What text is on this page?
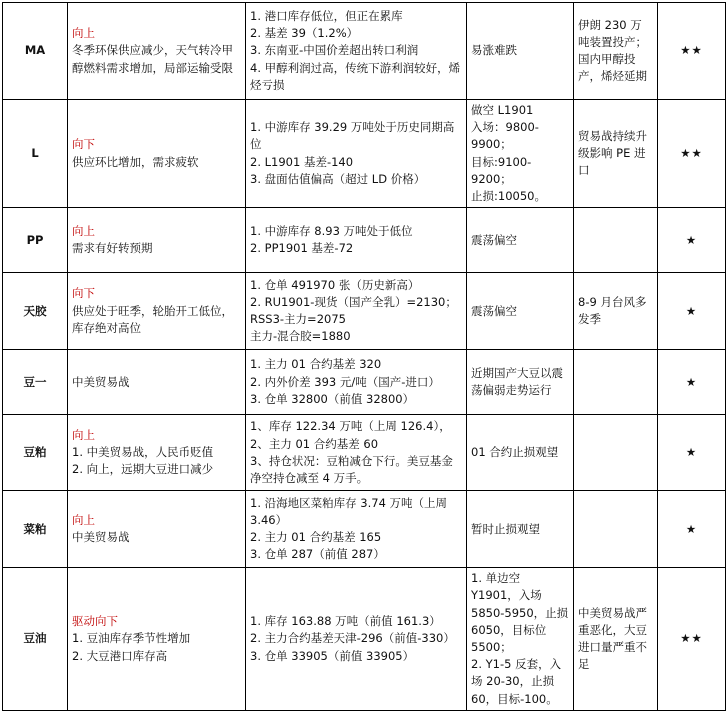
MA	向上
冬季环保供应减少，天气转冷甲醇燃料需求增加，局部运输受限	1. 港口库存低位，但正在累库
2. 基差 39（1.2%）
3. 东南亚-中国价差超出转口利润
4. 甲醇利润过高，传统下游利润较好，烯烃亏损	易涨难跌	伊朗 230 万吨装置投产；国内甲醇投产，烯烃延期	★★

L	向下
供应环比增加，需求疲软	1. 中游库存 39.29 万吨处于历史同期高位
2. L1901 基差-140
3. 盘面估值偏高（超过 LD 价格）	做空 L1901
入场：9800-9900；
目标:9100-9200；
止损:10050。	贸易战持续升级影响 PE 进口	★★

PP	向上
需求有好转预期	1. 中游库存 8.93 万吨处于低位
2. PP1901 基差-72	震荡偏空		★

天胶	向下
供应处于旺季，轮胎开工低位，库存绝对高位	1. 仓单 491970 张（历史新高）
2. RU1901-现货（国产全乳）=2130；
RSS3-主力=2075
主力-混合胶=1880	震荡偏空	8-9 月台风多发季	★

豆一	中美贸易战	1. 主力 01 合约基差 320
2. 内外价差 393 元/吨（国产-进口）
3. 仓单 32800（前值 32800）	近期国产大豆以震荡偏弱走势运行		★

豆粕	向上
1. 中美贸易战，人民币贬值
2. 向上，远期大豆进口减少	1、库存 122.34 万吨（上周 126.4），
2、主力 01 合约基差 60
3、持仓状况：豆粕减仓下行。美豆基金净空持仓减至 4 万手。	01 合约止损观望		★

菜粕	向上
中美贸易战	1. 沿海地区菜粕库存 3.74 万吨（上周 3.46）
2. 主力 01 合约基差 165
3. 仓单 287（前值 287）	暂时止损观望		★

豆油	驱动向下
1. 豆油库存季节性增加
2. 大豆港口库存高	1. 库存 163.88 万吨（前值 161.3）
2. 主力合约基差天津-296（前值-330）
3. 仓单 33905（前值 33905）	1. 单边空 Y1901，入场 5850-5950，止损 6050，目标位 5500；
2. Y1-5 反套，入场 20-30，止损 60，目标-100。	中美贸易战严重恶化，大豆进口量严重不足	★★
